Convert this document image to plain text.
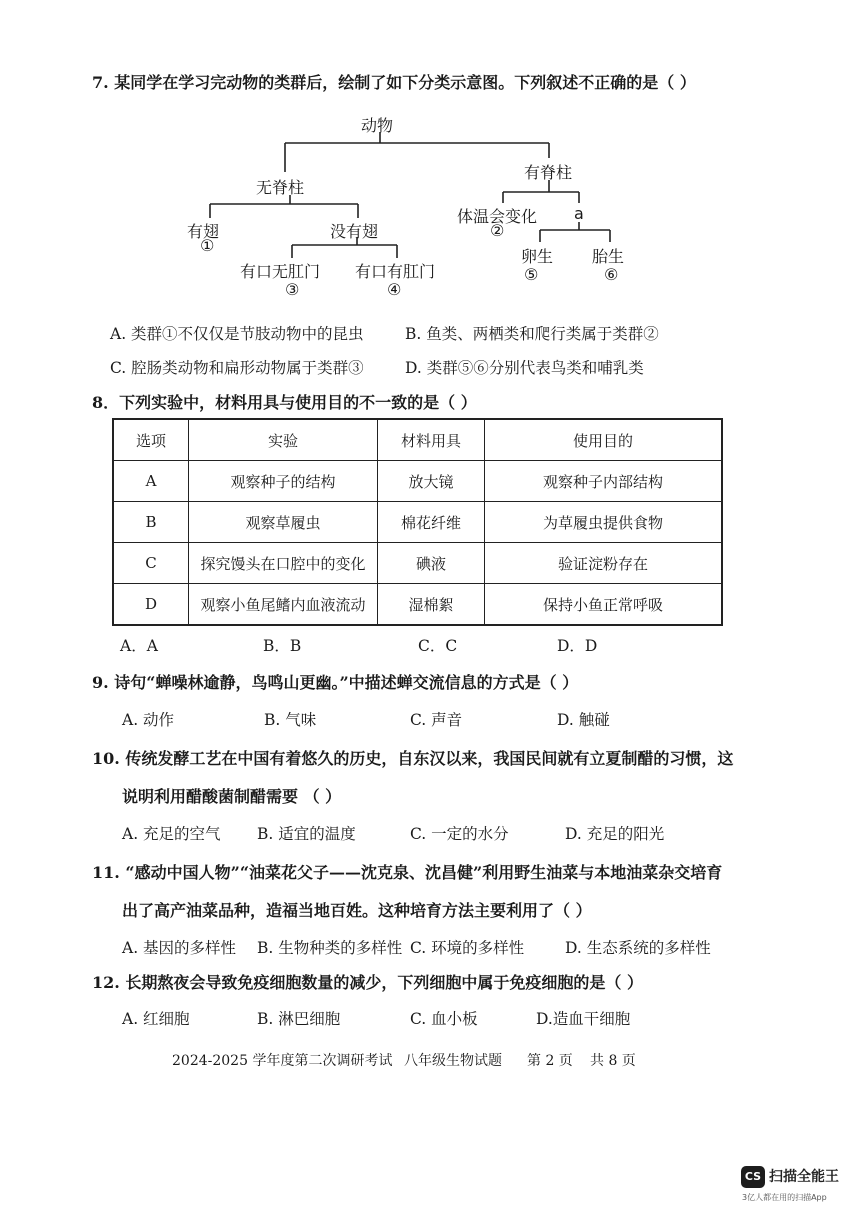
7. 某同学在学习完动物的类群后，绘制了如下分类示意图。下列叙述不正确的是（ ）
动物
无脊柱
有脊柱
有翅
①
没有翅
体温会变化
②
a
有口无肛门
③
有口有肛门
④
卵生
⑤
胎生
⑥
A. 类群①不仅仅是节肢动物中的昆虫	B. 鱼类、两栖类和爬行类属于类群②
C. 腔肠类动物和扁形动物属于类群③	D. 类群⑤⑥分别代表鸟类和哺乳类
8．下列实验中，材料用具与使用目的不一致的是（ ）
选项	实验	材料用具	使用目的
A	观察种子的结构	放大镜	观察种子内部结构
B	观察草履虫	棉花纤维	为草履虫提供食物
C	探究馒头在口腔中的变化	碘液	验证淀粉存在
D	观察小鱼尾鳍内血液流动	湿棉絮	保持小鱼正常呼吸
A．A	B．B	C．C	D．D
9. 诗句“蝉噪林逾静，鸟鸣山更幽。”中描述蝉交流信息的方式是（ ）
A. 动作	B. 气味	C. 声音	D. 触碰
10. 传统发酵工艺在中国有着悠久的历史，自东汉以来，我国民间就有立夏制醋的习惯，这
说明利用醋酸菌制醋需要 （ ）
A. 充足的空气 B. 适宜的温度	C. 一定的水分	D. 充足的阳光
11. “感动中国人物”“油菜花父子——沈克泉、沈昌健”利用野生油菜与本地油菜杂交培育
出了高产油菜品种，造福当地百姓。这种培育方法主要利用了（ ）
A. 基因的多样性 B. 生物种类的多样性 C. 环境的多样性	D. 生态系统的多样性
12. 长期熬夜会导致免疫细胞数量的减少，下列细胞中属于免疫细胞的是（ ）
A. 红细胞	B. 淋巴细胞	C. 血小板	D.造血干细胞
2024-2025 学年度第二次调研考试 八年级生物试题 第 2 页 共 8 页
CS 扫描全能王
3亿人都在用的扫描App
